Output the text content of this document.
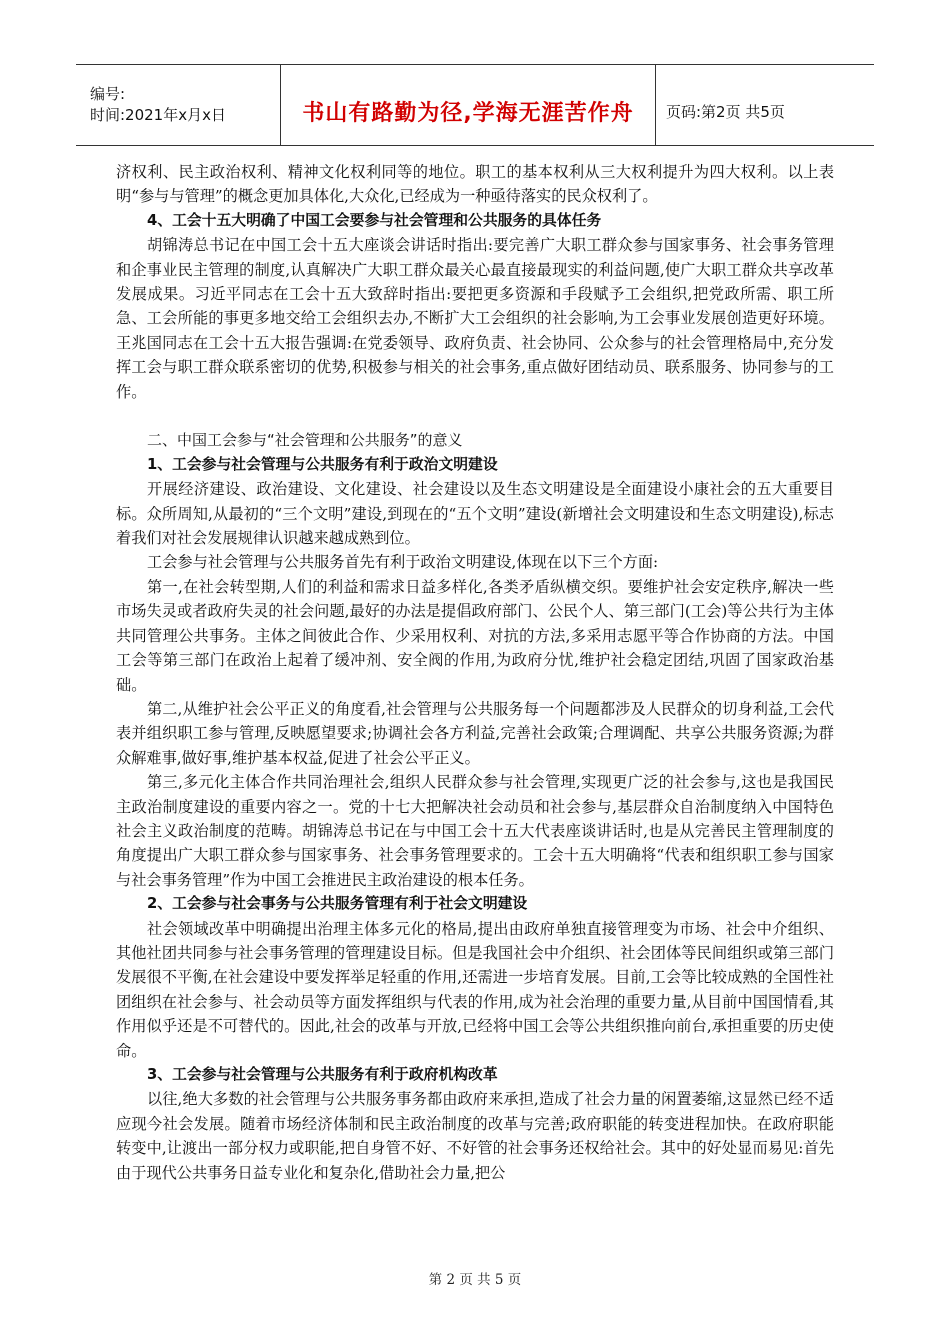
编号:
时间:2021年x月x日	书山有路勤为径,学海无涯苦作舟 页码:第2页 共5页

济权利、民主政治权利、精神文化权利同等的地位。职工的基本权利从三大权利提升为四大权利。以上表明“参与与管理”的概念更加具体化,大众化,已经成为一种亟待落实的民众权利了。

4、工会十五大明确了中国工会要参与社会管理和公共服务的具体任务

胡锦涛总书记在中国工会十五大座谈会讲话时指出:要完善广大职工群众参与国家事务、社会事务管理和企事业民主管理的制度,认真解决广大职工群众最关心最直接最现实的利益问题,使广大职工群众共享改革发展成果。习近平同志在工会十五大致辞时指出:要把更多资源和手段赋予工会组织,把党政所需、职工所急、工会所能的事更多地交给工会组织去办,不断扩大工会组织的社会影响,为工会事业发展创造更好环境。王兆国同志在工会十五大报告强调:在党委领导、政府负责、社会协同、公众参与的社会管理格局中,充分发挥工会与职工群众联系密切的优势,积极参与相关的社会事务,重点做好团结动员、联系服务、协同参与的工作。

二、中国工会参与“社会管理和公共服务”的意义

1、工会参与社会管理与公共服务有利于政治文明建设

开展经济建设、政治建设、文化建设、社会建设以及生态文明建设是全面建设小康社会的五大重要目标。众所周知,从最初的“三个文明”建设,到现在的“五个文明”建设(新增社会文明建设和生态文明建设),标志着我们对社会发展规律认识越来越成熟到位。

工会参与社会管理与公共服务首先有利于政治文明建设,体现在以下三个方面:

第一,在社会转型期,人们的利益和需求日益多样化,各类矛盾纵横交织。要维护社会安定秩序,解决一些市场失灵或者政府失灵的社会问题,最好的办法是提倡政府部门、公民个人、第三部门(工会)等公共行为主体共同管理公共事务。主体之间彼此合作、少采用权利、对抗的方法,多采用志愿平等合作协商的方法。中国工会等第三部门在政治上起着了缓冲剂、安全阀的作用,为政府分忧,维护社会稳定团结,巩固了国家政治基础。

第二,从维护社会公平正义的角度看,社会管理与公共服务每一个问题都涉及人民群众的切身利益,工会代表并组织职工参与管理,反映愿望要求;协调社会各方利益,完善社会政策;合理调配、共享公共服务资源;为群众解难事,做好事,维护基本权益,促进了社会公平正义。

第三,多元化主体合作共同治理社会,组织人民群众参与社会管理,实现更广泛的社会参与,这也是我国民主政治制度建设的重要内容之一。党的十七大把解决社会动员和社会参与,基层群众自治制度纳入中国特色社会主义政治制度的范畴。胡锦涛总书记在与中国工会十五大代表座谈讲话时,也是从完善民主管理制度的角度提出广大职工群众参与国家事务、社会事务管理要求的。工会十五大明确将“代表和组织职工参与国家与社会事务管理”作为中国工会推进民主政治建设的根本任务。

2、工会参与社会事务与公共服务管理有利于社会文明建设

社会领域改革中明确提出治理主体多元化的格局,提出由政府单独直接管理变为市场、社会中介组织、其他社团共同参与社会事务管理的管理建设目标。但是我国社会中介组织、社会团体等民间组织或第三部门发展很不平衡,在社会建设中要发挥举足轻重的作用,还需进一步培育发展。目前,工会等比较成熟的全国性社团组织在社会参与、社会动员等方面发挥组织与代表的作用,成为社会治理的重要力量,从目前中国国情看,其作用似乎还是不可替代的。因此,社会的改革与开放,已经将中国工会等公共组织推向前台,承担重要的历史使命。

3、工会参与社会管理与公共服务有利于政府机构改革

以往,绝大多数的社会管理与公共服务事务都由政府来承担,造成了社会力量的闲置萎缩,这显然已经不适应现今社会发展。随着市场经济体制和民主政治制度的改革与完善;政府职能的转变进程加快。在政府职能转变中,让渡出一部分权力或职能,把自身管不好、不好管的社会事务还权给社会。其中的好处显而易见:首先由于现代公共事务日益专业化和复杂化,借助社会力量,把公

第 2 页 共 5 页
